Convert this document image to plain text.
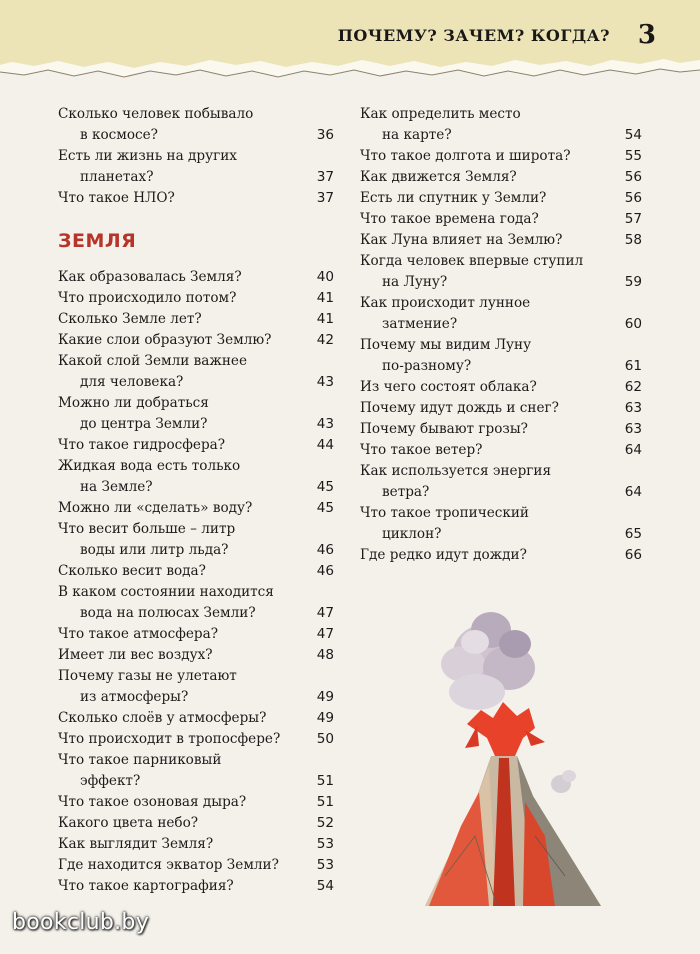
ПОЧЕМУ? ЗАЧЕМ? КОГДА? 3
Сколько человек побывало
в космосе?	36
Есть ли жизнь на других
планетах?	37
Что такое НЛО?	37
ЗЕМЛЯ
Как образовалась Земля?	40
Что происходило потом?	41
Сколько Земле лет?	41
Какие слои образуют Землю?	42
Какой слой Земли важнее
для человека?	43
Можно ли добраться
до центра Земли?	43
Что такое гидросфера?	44
Жидкая вода есть только
на Земле?	45
Можно ли «сделать» воду?	45
Что весит больше – литр
воды или литр льда?	46
Сколько весит вода?	46
В каком состоянии находится
вода на полюсах Земли?	47
Что такое атмосфера?	47
Имеет ли вес воздух?	48
Почему газы не улетают
из атмосферы?	49
Сколько слоёв у атмосферы?	49
Что происходит в тропосфере?	50
Что такое парниковый
эффект?	51
Что такое озоновая дыра?	51
Какого цвета небо?	52
Как выглядит Земля?	53
Где находится экватор Земли?	53
Что такое картография?	54
Как определить место
на карте?	54
Что такое долгота и широта?	55
Как движется Земля?	56
Есть ли спутник у Земли?	56
Что такое времена года?	57
Как Луна влияет на Землю?	58
Когда человек впервые ступил
на Луну?	59
Как происходит лунное
затмение?	60
Почему мы видим Луну
по-разному?	61
Из чего состоят облака?	62
Почему идут дождь и снег?	63
Почему бывают грозы?	63
Что такое ветер?	64
Как используется энергия
ветра?	64
Что такое тропический
циклон?	65
Где редко идут дожди?	66
bookclub.by
